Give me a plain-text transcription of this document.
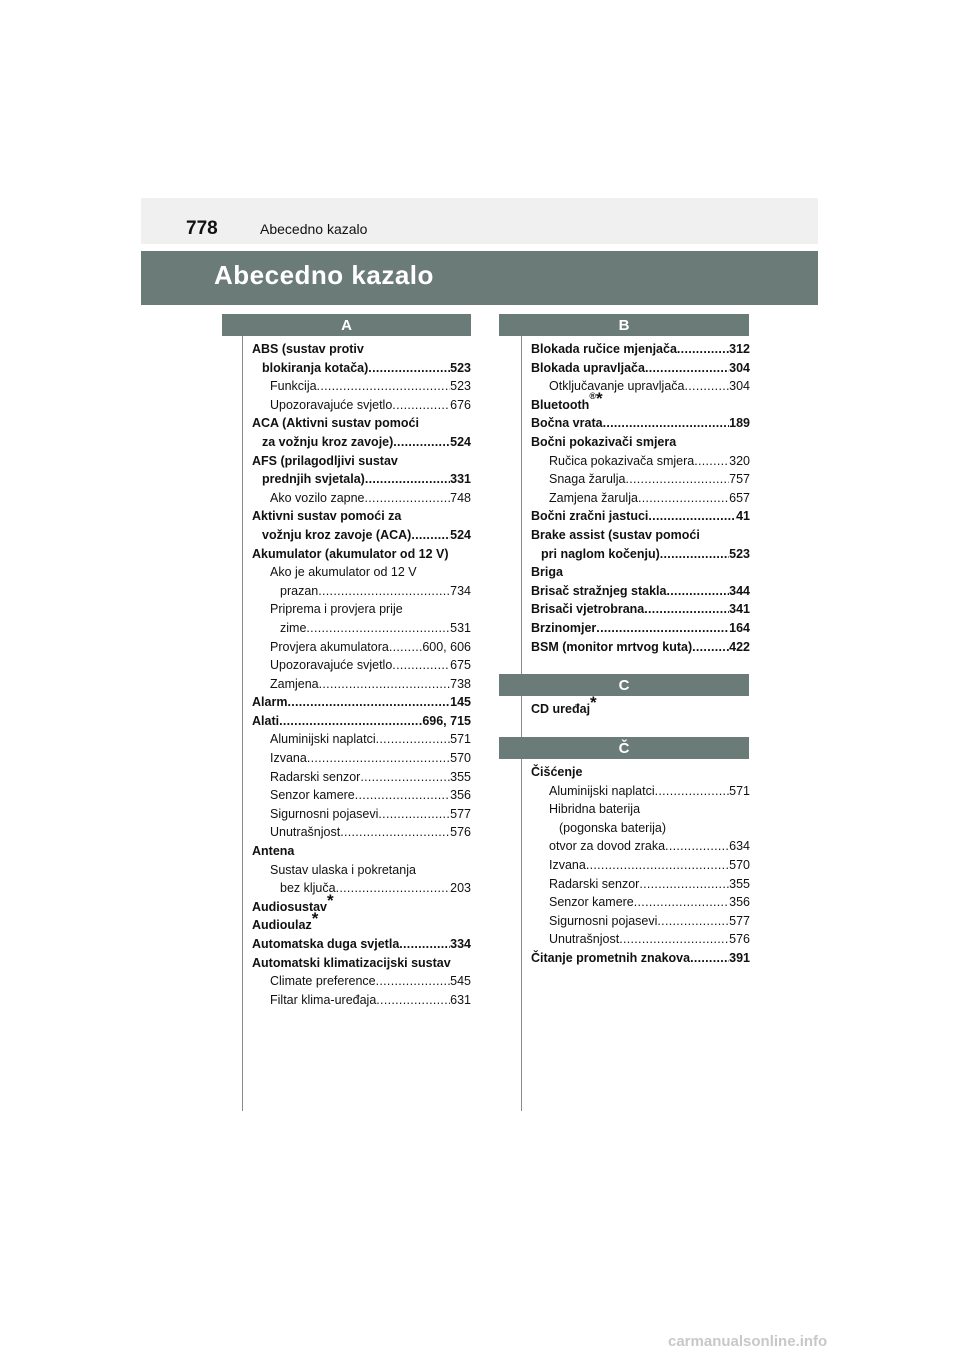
778	Abecedno kazalo
Abecedno kazalo
A
ABS (sustav protiv
blokiranja kotača) .....	523
Funkcija .....	523
Upozoravajuće svjetlo .....	676
ACA (Aktivni sustav pomoći
za vožnju kroz zavoje) .....	524
AFS (prilagodljivi sustav
prednjih svjetala) .....	331
Ako vozilo zapne .....	748
Aktivni sustav pomoći za
vožnju kroz zavoje (ACA) .....	524
Akumulator (akumulator od 12 V)
Ako je akumulator od 12 V
prazan .....	734
Priprema i provjera prije
zime .....	531
Provjera akumulatora .....	600, 606
Upozoravajuće svjetlo .....	675
Zamjena .....	738
Alarm .....	145
Alati .....	696, 715
Aluminijski naplatci .....	571
Izvana .....	570
Radarski senzor .....	355
Senzor kamere .....	356
Sigurnosni pojasevi .....	577
Unutrašnjost .....	576
Antena
Sustav ulaska i pokretanja
bez ključa .....	203
Audiosustav *
Audioulaz *
Automatska duga svjetla .....	334
Automatski klimatizacijski sustav
Climate preference .....	545
Filtar klima-uređaja .....	631
B
Blokada ručice mjenjača .....	312
Blokada upravljača .....	304
Otključavanje upravljača .....	304
Bluetooth
® *
Bočna vrata .....	189
Bočni pokazivači smjera
Ručica pokazivača smjera .....	320
Snaga žarulja .....	757
Zamjena žarulja .....	657
Bočni zračni jastuci .....	41
Brake assist (sustav pomoći
pri naglom kočenju) .....	523
Briga
Brisač stražnjeg stakla .....	344
Brisači vjetrobrana .....	341
Brzinomjer .....	164
BSM (monitor mrtvog kuta) .....	422
C
CD uređaj *
Č
Čišćenje
Aluminijski naplatci .....	571
Hibridna baterija
(pogonska baterija)
otvor za dovod zraka .....	634
Izvana .....	570
Radarski senzor .....	355
Senzor kamere .....	356
Sigurnosni pojasevi .....	577
Unutrašnjost .....	576
Čitanje prometnih znakova .....	391
carmanualsonline.info
